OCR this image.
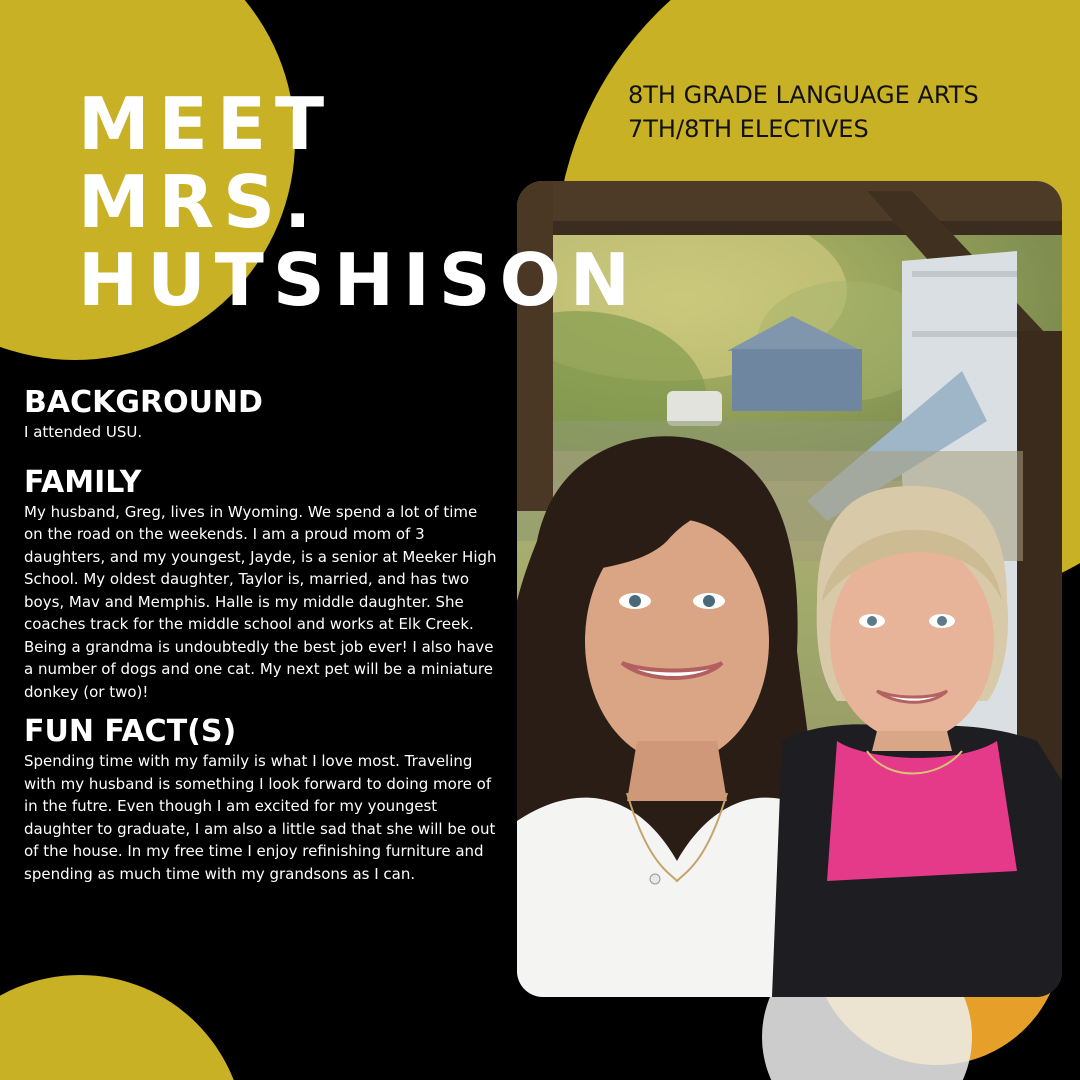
MEET
MRS.
HUTSHISON
8TH GRADE LANGUAGE ARTS
7TH/8TH ELECTIVES
BACKGROUND

I attended USU.

FAMILY

My husband, Greg, lives in Wyoming. We spend a lot of time on the road on the weekends. I am a proud mom of 3 daughters, and my youngest, Jayde, is a senior at Meeker High School. My oldest daughter, Taylor is, married, and has two boys, Mav and Memphis. Halle is my middle daughter. She coaches track for the middle school and works at Elk Creek. Being a grandma is undoubtedly the best job ever! I also have a number of dogs and one cat. My next pet will be a miniature donkey (or two)!

FUN FACT(S)

Spending time with my family is what I love most. Traveling with my husband is something I look forward to doing more of in the futre. Even though I am excited for my youngest daughter to graduate, I am also a little sad that she will be out of the house. In my free time I enjoy refinishing furniture and spending as much time with my grandsons as I can.
